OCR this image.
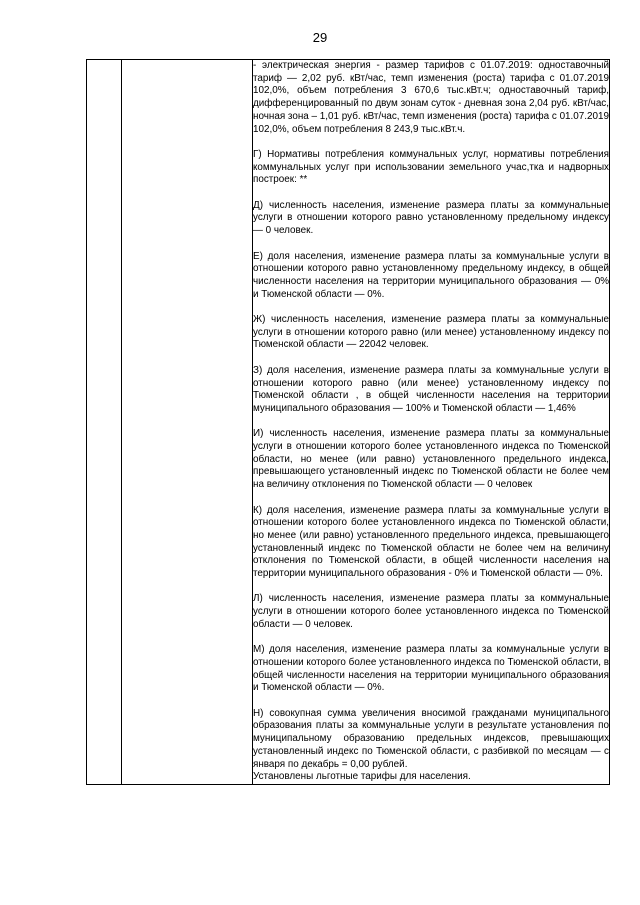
29

- электрическая энергия - размер тарифов с 01.07.2019: одноставочный тариф — 2,02 руб. кВт/час, темп изменения (роста) тарифа с 01.07.2019 102,0%, объем потребления 3 670,6 тыс.кВт.ч; одноставочный тариф, дифференцированный по двум зонам суток - дневная зона 2,04 руб. кВт/час, ночная зона – 1,01 руб. кВт/час, темп изменения (роста) тарифа с 01.07.2019 102,0%, объем потребления 8 243,9 тыс.кВт.ч.

Г) Нормативы потребления коммунальных услуг, нормативы потребления коммунальных услуг при использовании земельного учас,тка и надворных построек: **

Д) численность населения, изменение размера платы за коммунальные услуги в отношении которого равно установленному предельному индексу — 0 человек.

Е) доля населения, изменение размера платы за коммунальные услуги в отношении которого равно установленному предельному индексу, в общей численности населения на территории муниципального образования — 0% и Тюменской области — 0%.

Ж) численность населения, изменение размера платы за коммунальные услуги в отношении которого равно (или менее) установленному индексу по Тюменской области — 22042 человек.

З) доля населения, изменение размера платы за коммунальные услуги в отношении которого равно (или менее) установленному индексу по Тюменской области , в общей численности населения на территории муниципального образования — 100% и Тюменской области — 1,46%

И) численность населения, изменение размера платы за коммунальные услуги в отношении которого более установленного индекса по Тюменской области, но менее (или равно) установленного предельного индекса, превышающего установленный индекс по Тюменской области не более чем на величину отклонения по Тюменской области — 0 человек

К) доля населения, изменение размера платы за коммунальные услуги в отношении которого более установленного индекса по Тюменской области, но менее (или равно) установленного предельного индекса, превышающего установленный индекс по Тюменской области не более чем на величину отклонения по Тюменской области, в общей численности населения на территории муниципального образования - 0% и Тюменской области — 0%.

Л) численность населения, изменение размера платы за коммунальные услуги в отношении которого более установленного индекса по Тюменской области — 0 человек.

М) доля населения, изменение размера платы за коммунальные услуги в отношении которого более установленного индекса по Тюменской области, в общей численности населения на территории муниципального образования и Тюменской области — 0%.

Н) совокупная сумма увеличения вносимой гражданами муниципального образования платы за коммунальные услуги в результате установления по муниципальному образованию предельных индексов, превышающих установленный индекс по Тюменской области, с разбивкой по месяцам — с января по декабрь = 0,00 рублей.

Установлены льготные тарифы для населения.
